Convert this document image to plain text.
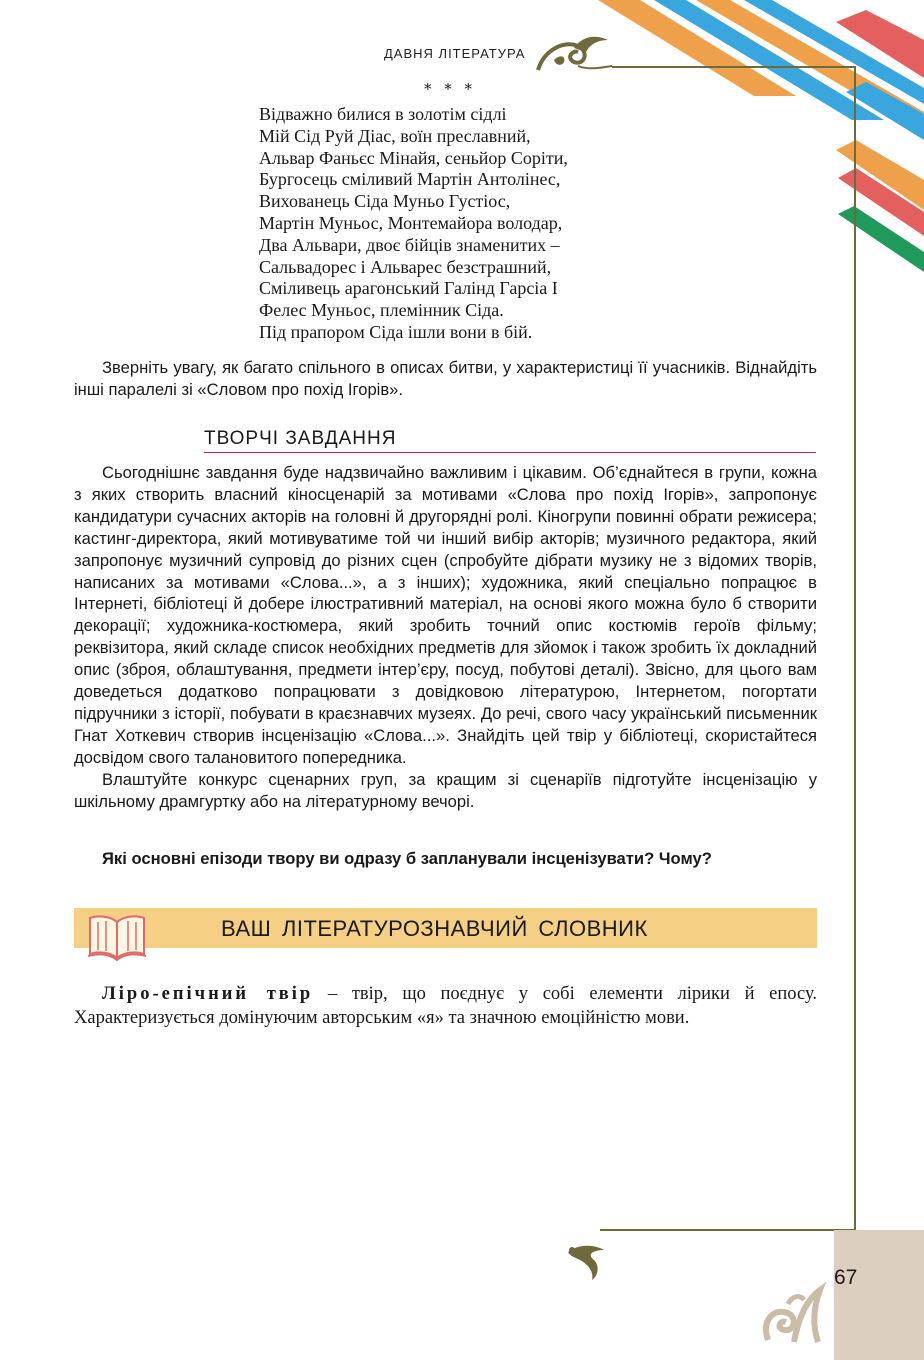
ДАВНЯ ЛІТЕРАТУРА
* * *
Відважно билися в золотім сідлі
Мій Сід Руй Діас, воїн преславний,
Альвар Фаньєс Мінайя, сеньйор Соріти,
Бургосець сміливий Мартін Антолінес,
Вихованець Сіда Муньо Густіос,
Мартін Муньос, Монтемайора володар,
Два Альвари, двоє бійців знаменитих –
Сальвадорес і Альварес безстрашний,
Сміливець арагонський Галінд Гарсіа І
Фелес Муньос, племінник Сіда.
Під прапором Сіда ішли вони в бій.

Зверніть увагу, як багато спільного в описах битви, у характеристиці її учасників. Віднайдіть інші паралелі зі «Словом про похід Ігорів».

ТВОРЧІ ЗАВДАННЯ

Сьогоднішнє завдання буде надзвичайно важливим і цікавим. Об’єднайтеся в групи, кожна з яких створить власний кіносценарій за мотивами «Слова про похід Ігорів», запропонує кандидатури сучасних акторів на головні й другорядні ролі. Кіногрупи повинні обрати режисера; кастинг-директора, який мотивуватиме той чи інший вибір акторів; музичного редактора, який запропонує музичний супровід до різних сцен (спробуйте дібрати музику не з відомих творів, написаних за мотивами «Слова...», а з інших); художника, який спеціально попрацює в Інтернеті, бібліотеці й добере ілюстративний матеріал, на основі якого можна було б створити декорації; художника-костюмера, який зробить точний опис костюмів героїв фільму; реквізитора, який складе список необхідних предметів для зйомок і також зробить їх докладний опис (зброя, облаштування, предмети інтер’єру, посуд, побутові деталі). Звісно, для цього вам доведеться додатково попрацювати з довідковою літературою, Інтернетом, погортати підручники з історії, побувати в краєзнавчих музеях. До речі, свого часу український письменник Гнат Хоткевич створив інсценізацію «Слова...». Знайдіть цей твір у бібліотеці, скористайтеся досвідом свого талановитого попередника.

Влаштуйте конкурс сценарних груп, за кращим зі сценаріїв підготуйте інсценізацію у шкільному драмгуртку або на літературному вечорі.

Які основні епізоди твору ви одразу б запланували інсценізувати? Чому?
ВАШ ЛІТЕРАТУРОЗНАВЧИЙ СЛОВНИК

Ліро-епічний твір – твір, що поєднує у собі елементи лірики й епосу. Характеризується домінуючим авторським «я» та значною емоційністю мови.

67
